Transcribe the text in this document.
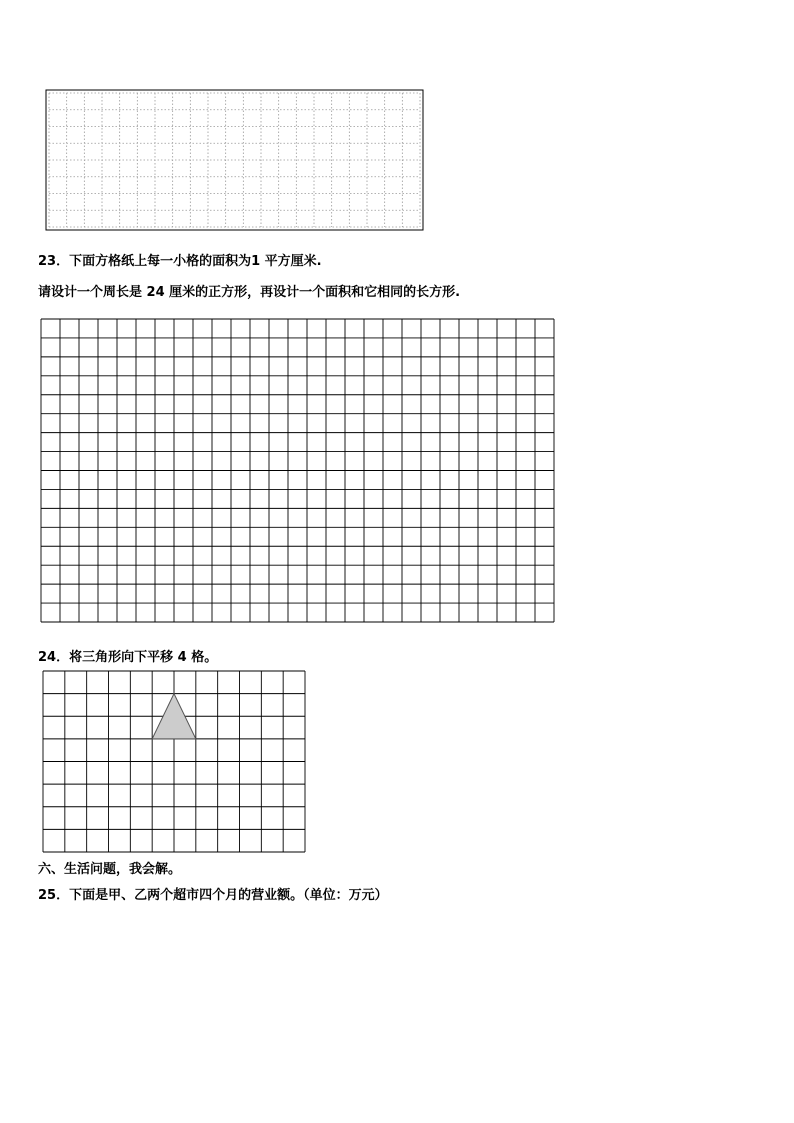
23．下面方格纸上每一小格的面积为1 平方厘米.
请设计一个周长是 24 厘米的正方形，再设计一个面积和它相同的长方形.
24．将三角形向下平移 4 格。
六、生活问题，我会解。
25．下面是甲、乙两个超市四个月的营业额。（单位：万元）
